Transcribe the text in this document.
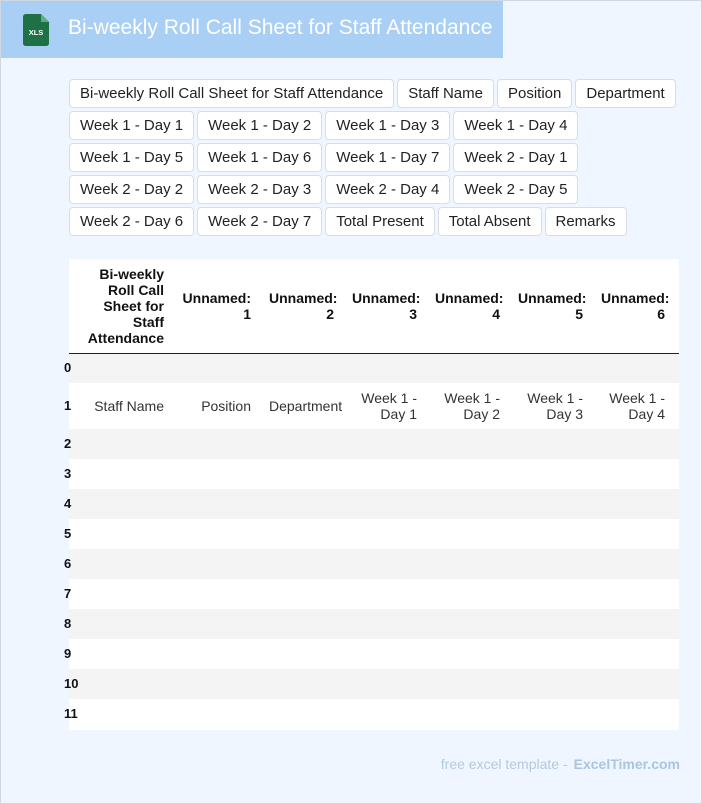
XLS Bi-weekly Roll Call Sheet for Staff Attendance
Bi-weekly Roll Call Sheet for Staff Attendance	Staff Name	Position	Department
Week 1 - Day 1	Week 1 - Day 2	Week 1 - Day 3	Week 1 - Day 4
Week 1 - Day 5	Week 1 - Day 6	Week 1 - Day 7	Week 2 - Day 1
Week 2 - Day 2	Week 2 - Day 3	Week 2 - Day 4	Week 2 - Day 5
Week 2 - Day 6	Week 2 - Day 7	Total Present	Total Absent	Remarks
	Bi-weekly Roll Call Sheet for Staff Attendance	Unnamed: 1	Unnamed: 2	Unnamed: 3	Unnamed: 4	Unnamed: 5	Unnamed: 6
0							
1	Staff Name	Position	Department	Week 1 - Day 1	Week 1 - Day 2	Week 1 - Day 3	Week 1 - Day 4
2							
3							
4							
5							
6							
7							
8							
9							
10							
11							
free excel template - ExcelTimer.com
